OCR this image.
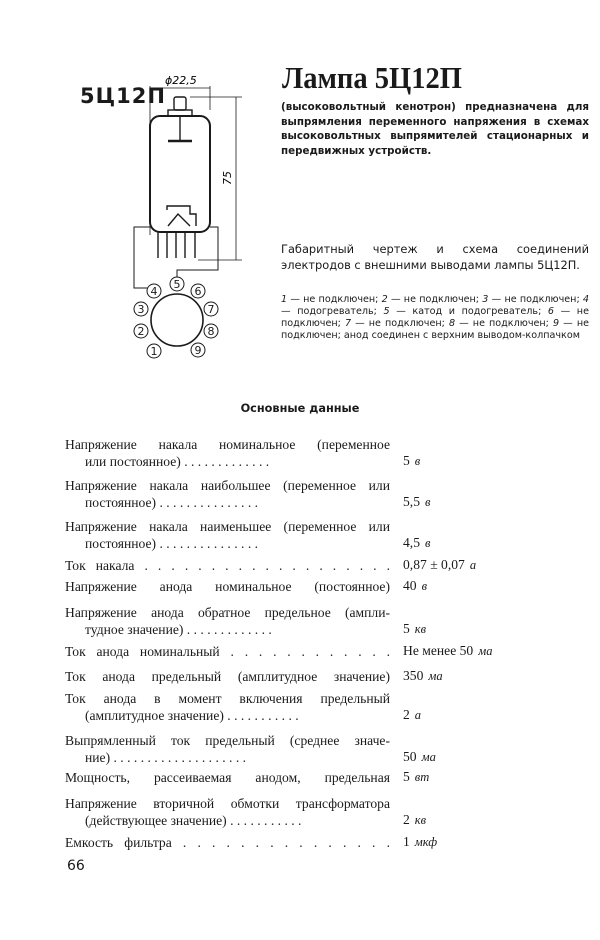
5Ц12П
Лампа 5Ц12П
(высоковольтный кенотрон) предназначена для выпрямления переменного напряжения в схемах высоковольтных выпрямителей стационарных и передвижных устройств.
ϕ22,5
75
1
2
3
4
5
6
7
8
9
Габаритный чертеж и схема соединений электродов с внешними выводами лампы 5Ц12П.
1 — не подключен; 2 — не подключен; 3 — не подключен; 4 — подогреватель; 5 — катод и подогреватель; 6 — не подключен; 7 — не подключен; 8 — не подключен; 9 — не подключен; анод соединен с верхним выводом-колпачком
Основные данные
Напряжение накала номинальное (переменное
или постоянное) . . . . . . . . . . . . .	5 в
Напряжение накала наибольшее (переменное или
постоянное) . . . . . . . . . . . . . . .	5,5 в
Напряжение накала наименьшее (переменное или
постоянное) . . . . . . . . . . . . . . .	4,5 в
Ток накала . . . . . . . . . . . . . . . . . . . 0,87 ± 0,07 а
Напряжение анода номинальное (постоянное) 40 в
Напряжение анода обратное предельное (ампли-
тудное значение) . . . . . . . . . . . . .	5 кв
Ток анода номинальный . . . . . . . . . . . . Не менее 50 ма
Ток анода предельный (амплитудное значение) 350 ма
Ток анода в момент включения предельный
(амплитудное значение) . . . . . . . . . . .	2 а
Выпрямленный ток предельный (среднее значе-
ние) . . . . . . . . . . . . . . . . . . . .	50 ма
Мощность, рассеиваемая анодом, предельная 5 вт
Напряжение вторичной обмотки трансформатора
(действующее значение) . . . . . . . . . . .	2 кв
Емкость фильтра . . . . . . . . . . . . . . . 1 мкф
66
